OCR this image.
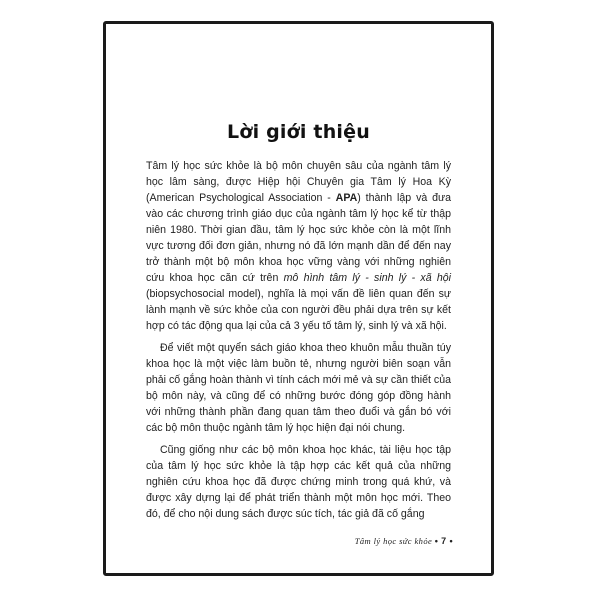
Lời giới thiệu

Tâm lý học sức khỏe là bộ môn chuyên sâu của ngành tâm lý học lâm sàng, được Hiệp hội Chuyên gia Tâm lý Hoa Kỳ (American Psychological Association - APA) thành lập và đưa vào các chương trình giáo dục của ngành tâm lý học kể từ thập niên 1980. Thời gian đầu, tâm lý học sức khỏe còn là một lĩnh vực tương đối đơn giản, nhưng nó đã lớn mạnh dần để đến nay trở thành một bộ môn khoa học vững vàng với những nghiên cứu khoa học căn cứ trên mô hình tâm lý - sinh lý - xã hội (biopsychosocial model), nghĩa là mọi vấn đề liên quan đến sự lành mạnh về sức khỏe của con người đều phải dựa trên sự kết hợp có tác động qua lại của cả 3 yếu tố tâm lý, sinh lý và xã hội.

Để viết một quyển sách giáo khoa theo khuôn mẫu thuần túy khoa học là một việc làm buồn tẻ, nhưng người biên soạn vẫn phải cố gắng hoàn thành vì tính cách mới mẻ và sự cần thiết của bộ môn này, và cũng để có những bước đóng góp đồng hành với những thành phần đang quan tâm theo đuổi và gắn bó với các bộ môn thuộc ngành tâm lý học hiện đại nói chung.

Cũng giống như các bộ môn khoa học khác, tài liệu học tập của tâm lý học sức khỏe là tập hợp các kết quả của những nghiên cứu khoa học đã được chứng minh trong quá khứ, và được xây dựng lại để phát triển thành một môn học mới. Theo đó, để cho nội dung sách được súc tích, tác giả đã cố gắng

Tâm lý học sức khỏe • 7 •
